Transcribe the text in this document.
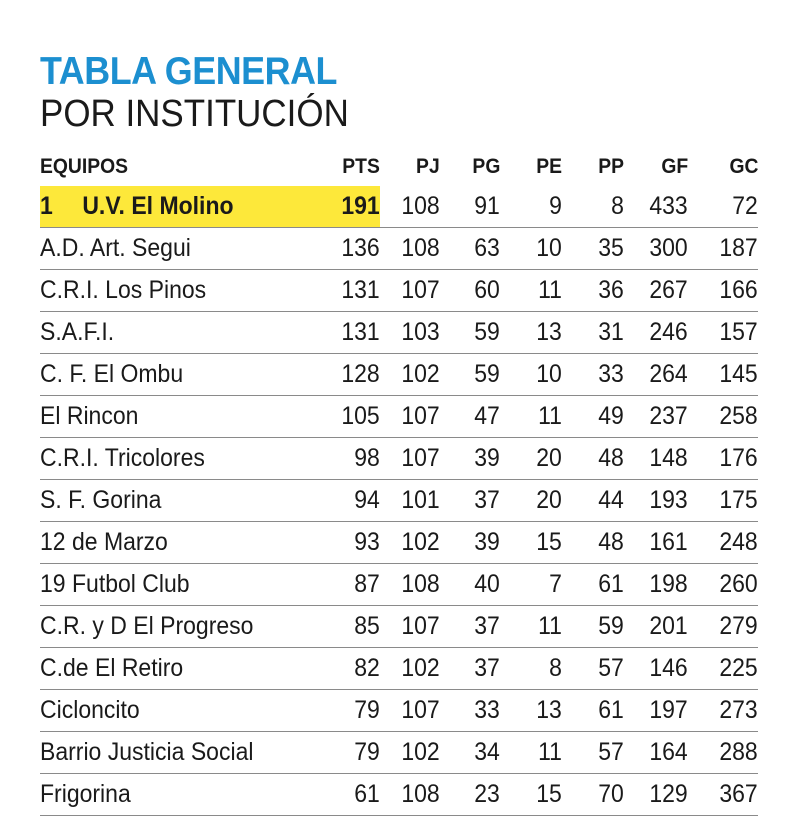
TABLA GENERAL
POR INSTITUCIÓN
EQUIPOS	PTS	PJ	PG	PE	PP	GF	GC
1 U.V. El Molino	191	108	91	9	8	433	72
A.D. Art. Segui	136	108	63	10	35	300	187
C.R.I. Los Pinos	131	107	60	11	36	267	166
S.A.F.I.	131	103	59	13	31	246	157
C. F. El Ombu	128	102	59	10	33	264	145
El Rincon	105	107	47	11	49	237	258
C.R.I. Tricolores	98	107	39	20	48	148	176
S. F. Gorina	94	101	37	20	44	193	175
12 de Marzo	93	102	39	15	48	161	248
19 Futbol Club	87	108	40	7	61	198	260
C.R. y D El Progreso	85	107	37	11	59	201	279
C.de El Retiro	82	102	37	8	57	146	225
Cicloncito	79	107	33	13	61	197	273
Barrio Justicia Social	79	102	34	11	57	164	288
Frigorina	61	108	23	15	70	129	367
